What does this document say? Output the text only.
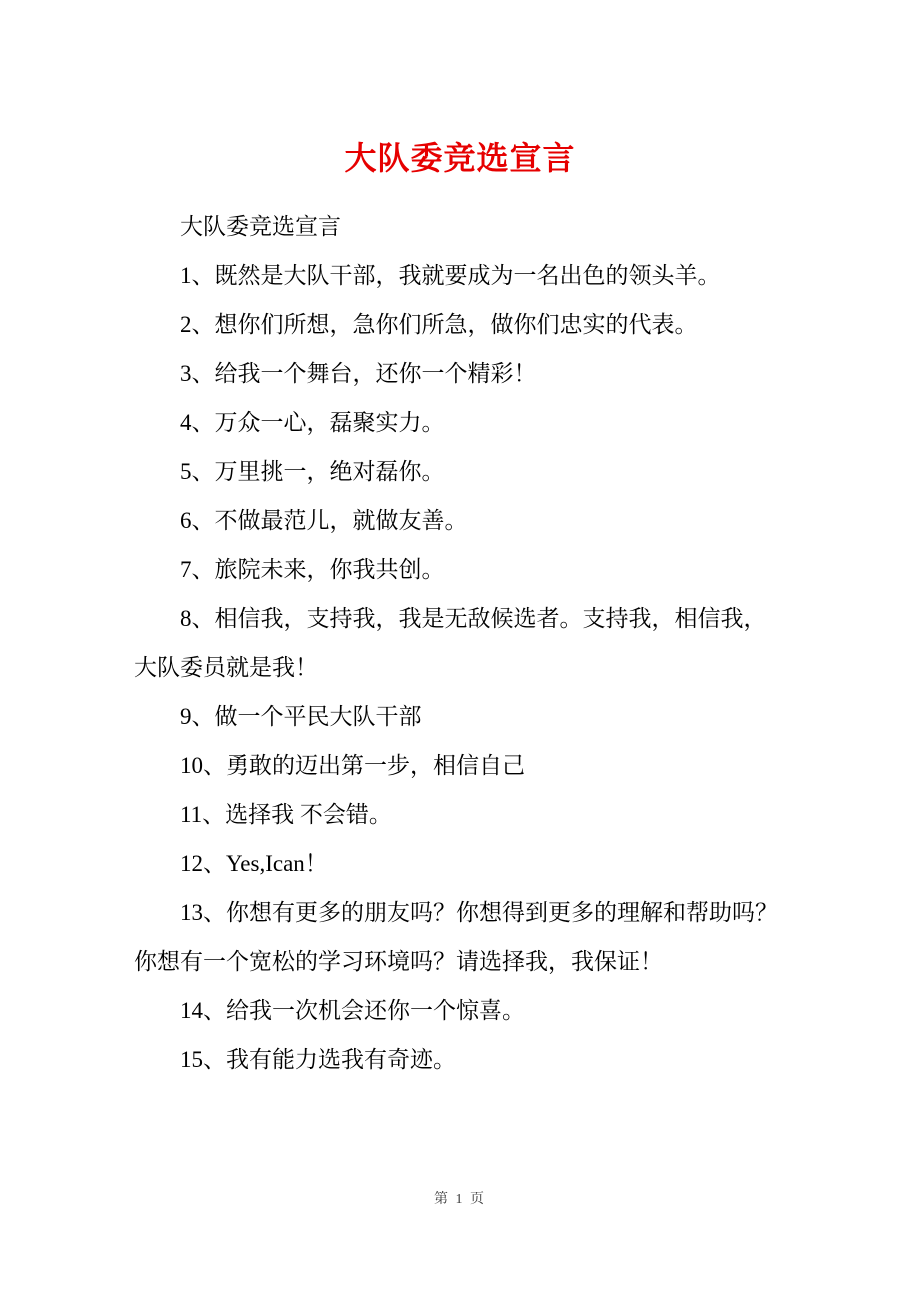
大队委竞选宣言

大队委竞选宣言

1、既然是大队干部，我就要成为一名出色的领头羊。

2、想你们所想，急你们所急，做你们忠实的代表。

3、给我一个舞台，还你一个精彩！

4、万众一心，磊聚实力。

5、万里挑一，绝对磊你。

6、不做最范儿，就做友善。

7、旅院未来，你我共创。

8、相信我，支持我，我是无敌候选者。支持我，相信我，

大队委员就是我！

9、做一个平民大队干部

10、勇敢的迈出第一步，相信自己

11、选择我 不会错。

12、Yes,Ican！

13、你想有更多的朋友吗？你想得到更多的理解和帮助吗？

你想有一个宽松的学习环境吗？请选择我，我保证！

14、给我一次机会还你一个惊喜。

15、我有能力选我有奇迹。

第 1 页
